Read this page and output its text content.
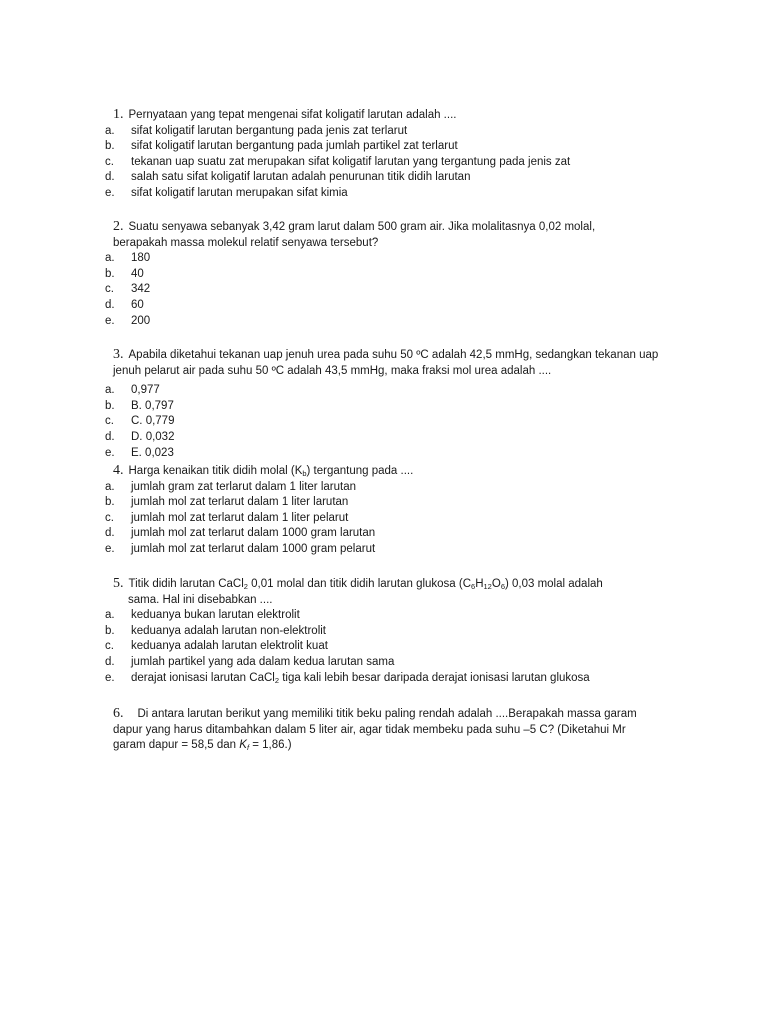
1. Pernyataan yang tepat mengenai sifat koligatif larutan adalah ....
a.	sifat koligatif larutan bergantung pada jenis zat terlarut
b.	sifat koligatif larutan bergantung pada jumlah partikel zat terlarut
c.	tekanan uap suatu zat merupakan sifat koligatif larutan yang tergantung pada jenis zat
d.	salah satu sifat koligatif larutan adalah penurunan titik didih larutan
e.	sifat koligatif larutan merupakan sifat kimia
2. Suatu senyawa sebanyak 3,42 gram larut dalam 500 gram air. Jika molalitasnya 0,02 molal,
berapakah massa molekul relatif senyawa tersebut?
a.	180
b.	40
c.	342
d.	60
e.	200
3. Apabila diketahui tekanan uap jenuh urea pada suhu 50 ºC adalah 42,5 mmHg, sedangkan tekanan uap
jenuh pelarut air pada suhu 50 ºC adalah 43,5 mmHg, maka fraksi mol urea adalah ....
a.	0,977
b.	B. 0,797
c.	C. 0,779
d.	D. 0,032
e.	E. 0,023
4. Harga kenaikan titik didih molal $(K_b)$ tergantung pada ....
a.	jumlah gram zat terlarut dalam 1 liter larutan
b.	jumlah mol zat terlarut dalam 1 liter larutan
c.	jumlah mol zat terlarut dalam 1 liter pelarut
d.	jumlah mol zat terlarut dalam 1000 gram larutan
e.	jumlah mol zat terlarut dalam 1000 gram pelarut
5. Titik didih larutan CaCl$_2$ 0,01 molal dan titik didih larutan glukosa $(C_6H_{12}O_6)$ 0,03 molal adalah
sama. Hal ini disebabkan ....
a.	keduanya bukan larutan elektrolit
b.	keduanya adalah larutan non-elektrolit
c.	keduanya adalah larutan elektrolit kuat
d.	jumlah partikel yang ada dalam kedua larutan sama
e.	derajat ionisasi larutan CaCl$_2$ tiga kali lebih besar daripada derajat ionisasi larutan glukosa
6. Di antara larutan berikut yang memiliki titik beku paling rendah adalah ....Berapakah massa garam
dapur yang harus ditambahkan dalam 5 liter air, agar tidak membeku pada suhu –5 C? (Diketahui Mr
garam dapur = 58,5 dan $K_f = 1,86$.)
